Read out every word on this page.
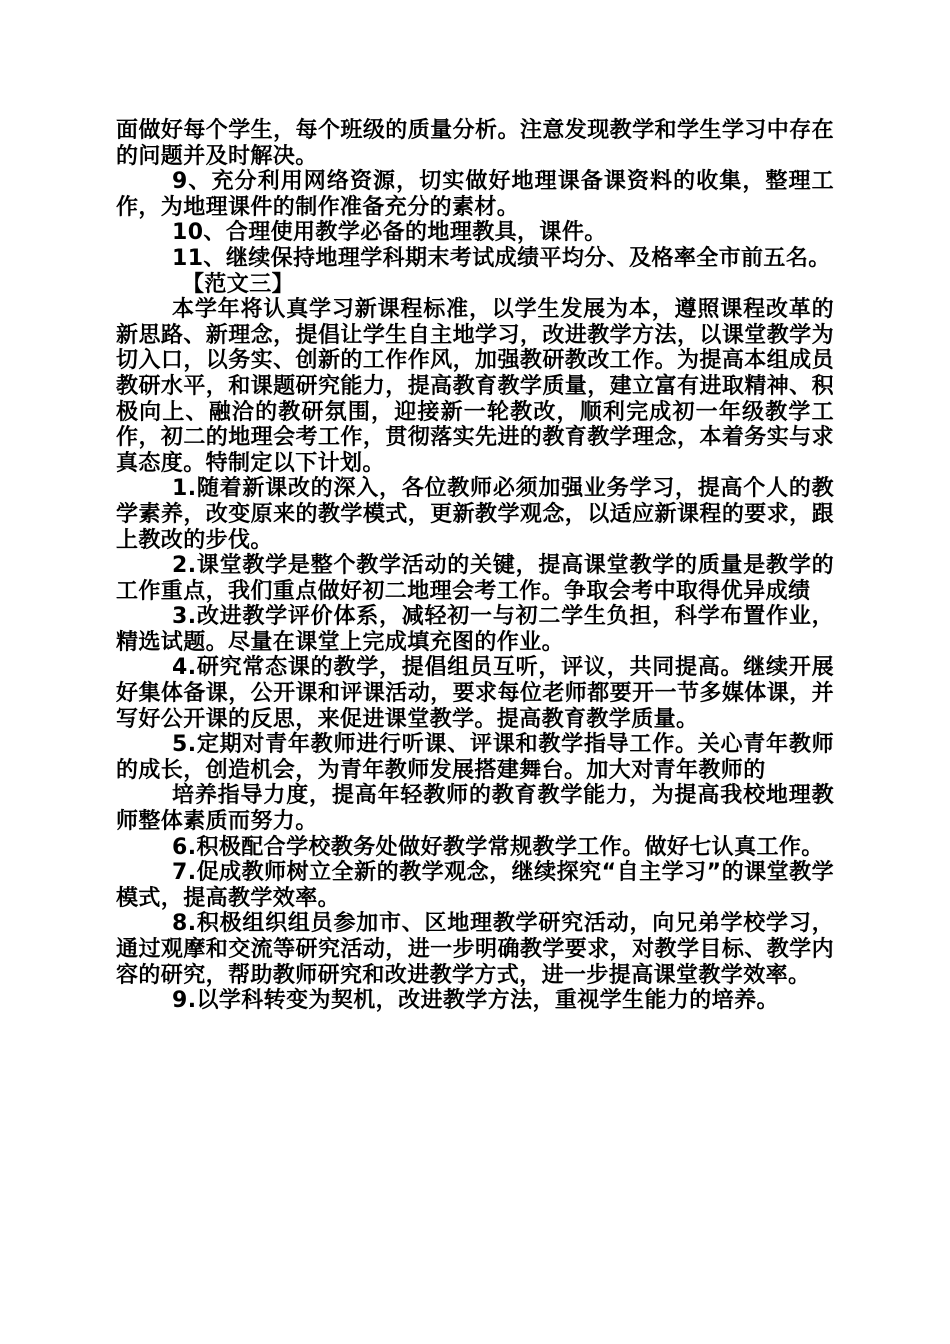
面做好每个学生，每个班级的质量分析。注意发现教学和学生学习中存在的问题并及时解决。

9、充分利用网络资源，切实做好地理课备课资料的收集，整理工作，为地理课件的制作准备充分的素材。

10、合理使用教学必备的地理教具，课件。

11、继续保持地理学科期末考试成绩平均分、及格率全市前五名。

【范文三】

本学年将认真学习新课程标准，以学生发展为本，遵照课程改革的新思路、新理念，提倡让学生自主地学习，改进教学方法，以课堂教学为切入口，以务实、创新的工作作风，加强教研教改工作。为提高本组成员教研水平，和课题研究能力，提高教育教学质量，建立富有进取精神、积极向上、融洽的教研氛围，迎接新一轮教改，顺利完成初一年级教学工作，初二的地理会考工作，贯彻落实先进的教育教学理念，本着务实与求真态度。特制定以下计划。

1.随着新课改的深入，各位教师必须加强业务学习，提高个人的教学素养，改变原来的教学模式，更新教学观念，以适应新课程的要求，跟上教改的步伐。

2.课堂教学是整个教学活动的关键，提高课堂教学的质量是教学的工作重点，我们重点做好初二地理会考工作。争取会考中取得优异成绩

3.改进教学评价体系，减轻初一与初二学生负担，科学布置作业，精选试题。尽量在课堂上完成填充图的作业。

4.研究常态课的教学，提倡组员互听，评议，共同提高。继续开展好集体备课，公开课和评课活动，要求每位老师都要开一节多媒体课，并写好公开课的反思，来促进课堂教学。提高教育教学质量。

5.定期对青年教师进行听课、评课和教学指导工作。关心青年教师的成长，创造机会，为青年教师发展搭建舞台。加大对青年教师的

培养指导力度，提高年轻教师的教育教学能力，为提高我校地理教师整体素质而努力。

6.积极配合学校教务处做好教学常规教学工作。做好七认真工作。

7.促成教师树立全新的教学观念，继续探究“自主学习”的课堂教学模式，提高教学效率。

8.积极组织组员参加市、区地理教学研究活动，向兄弟学校学习，通过观摩和交流等研究活动，进一步明确教学要求，对教学目标、教学内容的研究，帮助教师研究和改进教学方式，进一步提高课堂教学效率。

9.以学科转变为契机，改进教学方法，重视学生能力的培养。
